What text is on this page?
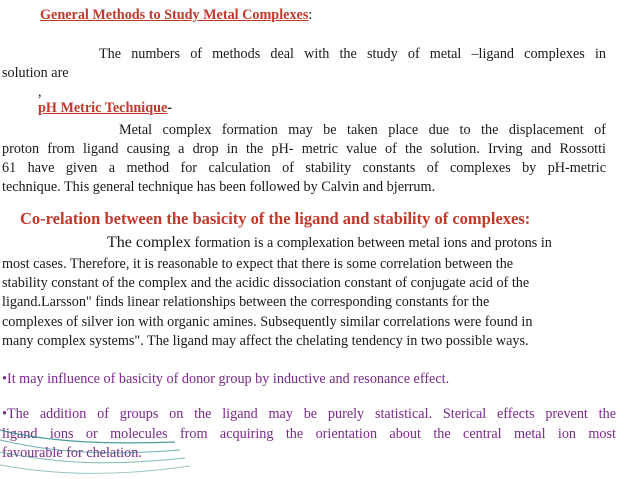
General Methods to Study Metal Complexes:
The numbers of methods deal with the study of metal –ligand complexes in
solution are
,
pH Metric Technique-
Metal complex formation may be taken place due to the displacement of
proton from ligand causing a drop in the pH- metric value of the solution. Irving and Rossotti
61 have given a method for calculation of stability constants of complexes by pH-metric
technique. This general technique has been followed by Calvin and bjerrum.
Co-relation between the basicity of the ligand and stability of complexes:
The complex formation is a complexation between metal ions and protons in
most cases. Therefore, it is reasonable to expect that there is some correlation between the
stability constant of the complex and the acidic dissociation constant of conjugate acid of the
ligand.Larsson" finds linear relationships between the corresponding constants for the
complexes of silver ion with organic amines. Subsequently similar correlations were found in
many complex systems". The ligand may affect the chelating tendency in two possible ways.
•It may influence of basicity of donor group by inductive and resonance effect.
•The addition of groups on the ligand may be purely statistical. Sterical effects prevent the
ligand ions or molecules from acquiring the orientation about the central metal ion most
favourable for chelation.
